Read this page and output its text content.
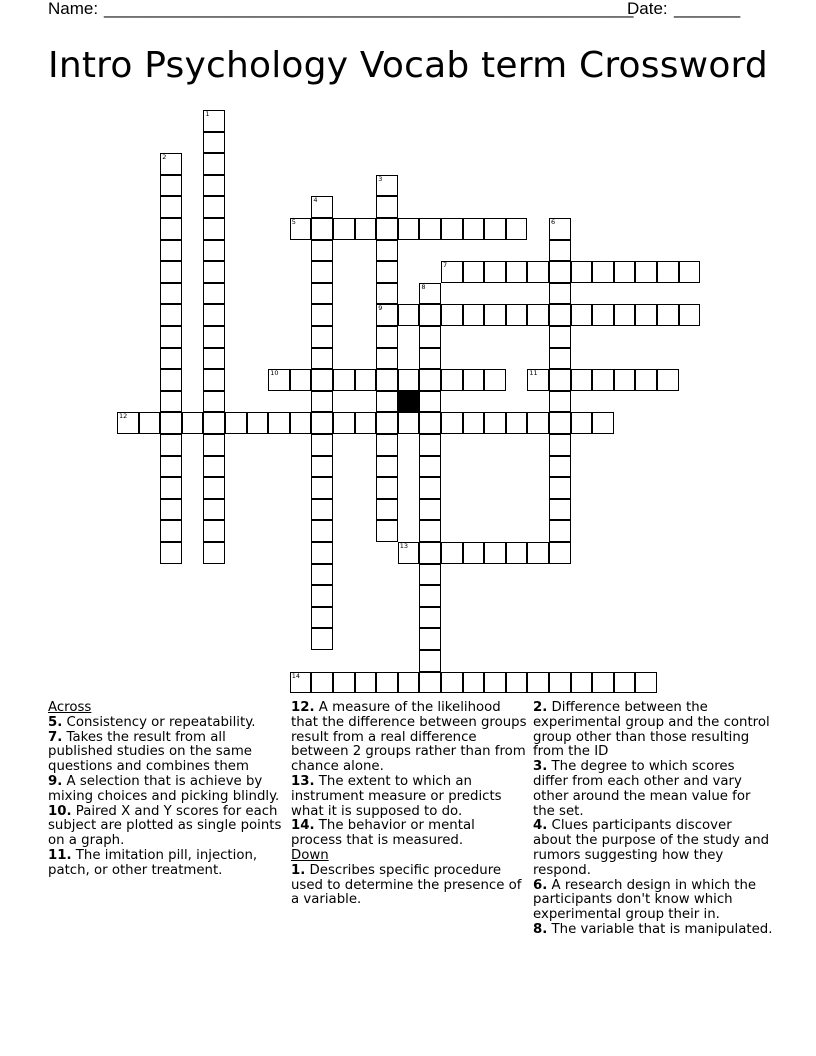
Name: ________________________________________________________
Date: _______
Intro Psychology Vocab term Crossword
5
7
9
10	11
12
13
14
1
2
3
4
6
8
Across
5. Consistency or repeatability.
7. Takes the result from all published studies on the same questions and combines them
9. A selection that is achieve by mixing choices and picking blindly.
10. Paired X and Y scores for each subject are plotted as single points on a graph.
11. The imitation pill, injection, patch, or other treatment.
12. A measure of the likelihood that the difference between groups result from a real difference between 2 groups rather than from chance alone.
13. The extent to which an instrument measure or predicts what it is supposed to do.
14. The behavior or mental process that is measured.
Down
1. Describes specific procedure used to determine the presence of a variable.
2. Difference between the experimental group and the control group other than those resulting from the ID
3. The degree to which scores differ from each other and vary other around the mean value for the set.
4. Clues participants discover about the purpose of the study and rumors suggesting how they respond.
6. A research design in which the participants don't know which experimental group their in.
8. The variable that is manipulated.
